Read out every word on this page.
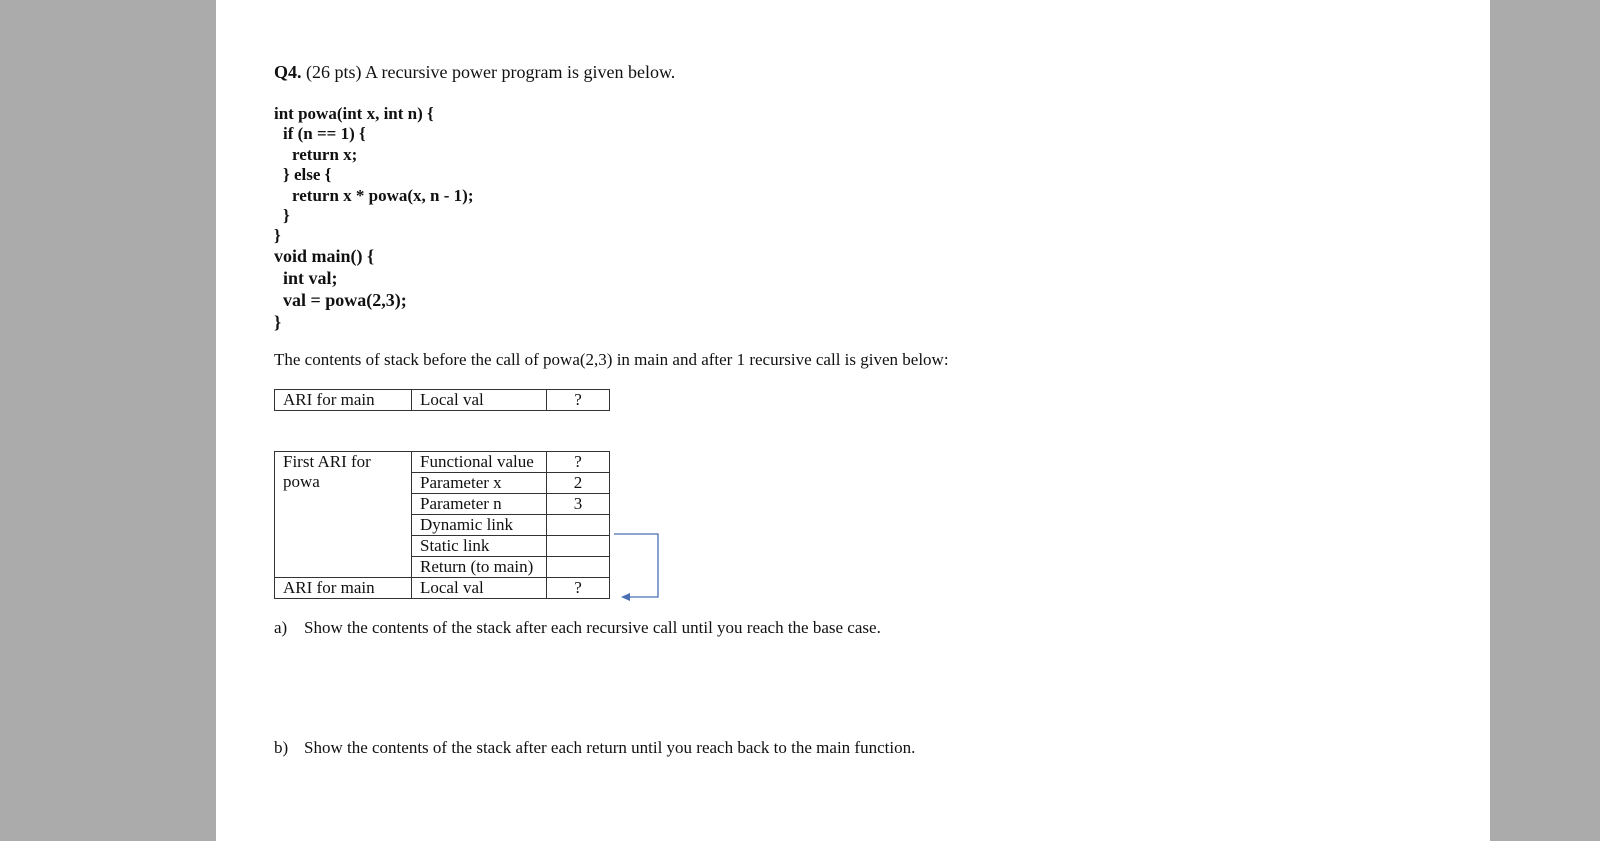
Q4. (26 pts) A recursive power program is given below.
int powa(int x, int n) {
if (n == 1) {
return x;
} else {
return x * powa(x, n - 1);
}
}
void main() {
int val;
val = powa(2,3);
}
The contents of stack before the call of powa(2,3) in main and after 1 recursive call is given below:
ARI for main	Local val	?
First ARI for powa	Functional value	?
	Parameter x	2
	Parameter n	3
	Dynamic link	
	Static link	
	Return (to main)	
ARI for main	Local val	?
a) Show the contents of the stack after each recursive call until you reach the base case.
b) Show the contents of the stack after each return until you reach back to the main function.
